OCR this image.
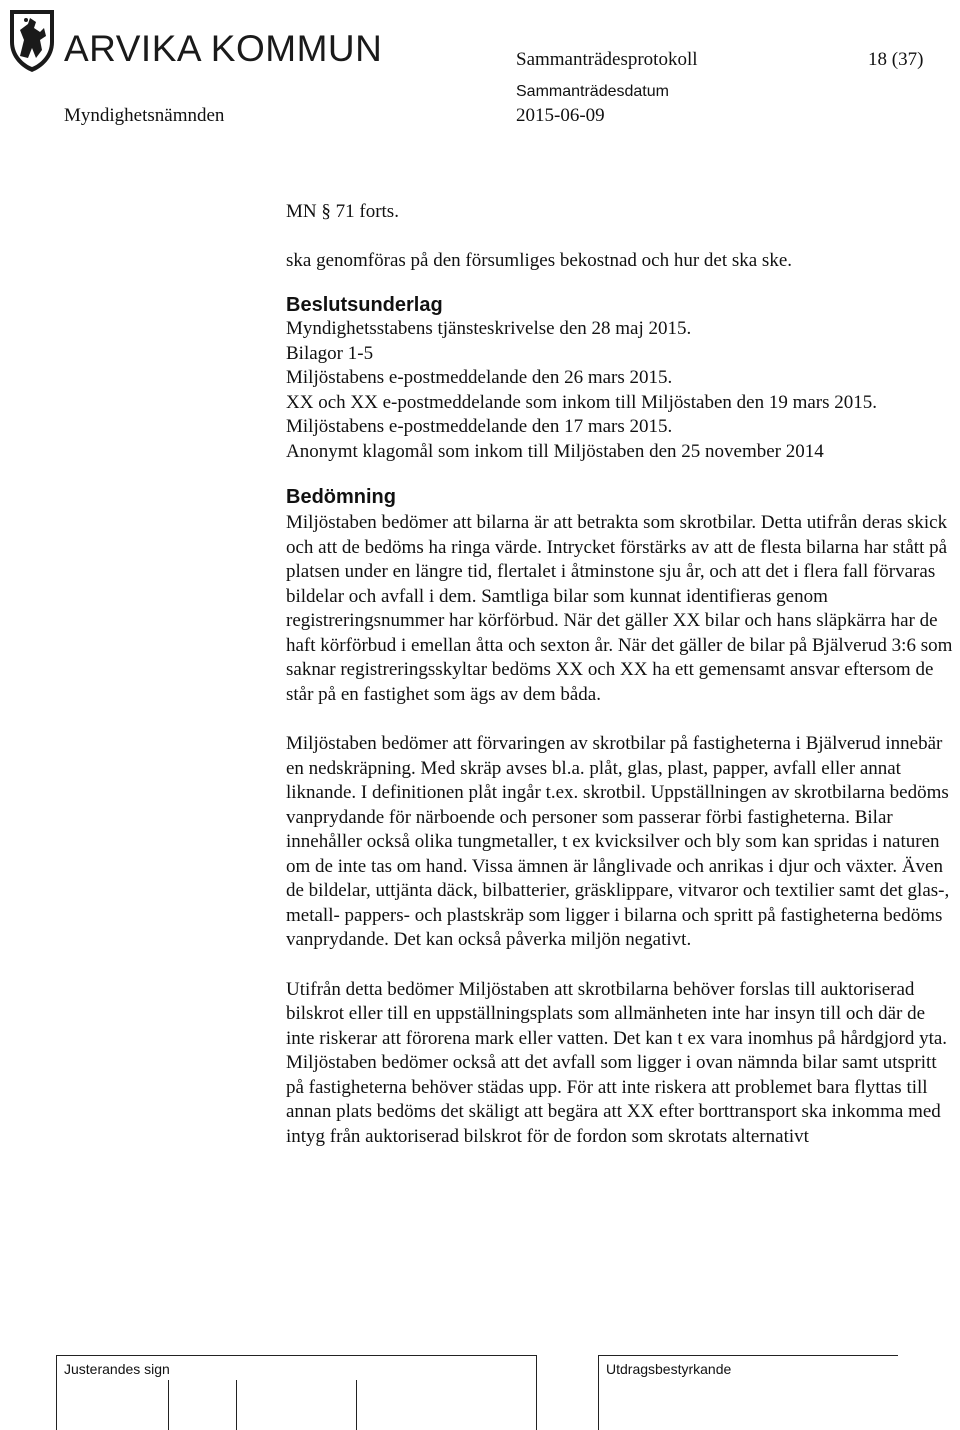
ARVIKA KOMMUN	Sammanträdesprotokoll	18 (37)
Myndighetsnämnden
Sammanträdesdatum
2015-06-09

MN § 71 forts.

ska genomföras på den försumliges bekostnad och hur det ska ske.

Beslutsunderlag

Myndighetsstabens tjänsteskrivelse den 28 maj 2015.

Bilagor 1-5

Miljöstabens e-postmeddelande den 26 mars 2015.

XX och XX e-postmeddelande som inkom till Miljöstaben den 19 mars 2015.

Miljöstabens e-postmeddelande den 17 mars 2015.

Anonymt klagomål som inkom till Miljöstaben den 25 november 2014

Bedömning

Miljöstaben bedömer att bilarna är att betrakta som skrotbilar. Detta utifrån deras skick och att de bedöms ha ringa värde. Intrycket förstärks av att de flesta bilarna har stått på platsen under en längre tid, flertalet i åtminstone sju år, och att det i flera fall förvaras bildelar och avfall i dem. Samtliga bilar som kunnat identifieras genom registreringsnummer har körförbud. När det gäller XX bilar och hans släpkärra har de haft körförbud i emellan åtta och sexton år. När det gäller de bilar på Bjälverud 3:6 som saknar registreringsskyltar bedöms XX och XX ha ett gemensamt ansvar eftersom de står på en fastighet som ägs av dem båda.

Miljöstaben bedömer att förvaringen av skrotbilar på fastigheterna i Bjälverud innebär en nedskräpning. Med skräp avses bl.a. plåt, glas, plast, papper, avfall eller annat liknande. I definitionen plåt ingår t.ex. skrotbil. Uppställningen av skrotbilarna bedöms vanprydande för närboende och personer som passerar förbi fastigheterna. Bilar innehåller också olika tungmetaller, t ex kvicksilver och bly som kan spridas i naturen om de inte tas om hand. Vissa ämnen är långlivade och anrikas i djur och växter. Även de bildelar, uttjänta däck, bilbatterier, gräsklippare, vitvaror och textilier samt det glas-, metall- pappers- och plastskräp som ligger i bilarna och spritt på fastigheterna bedöms vanprydande. Det kan också påverka miljön negativt.

Utifrån detta bedömer Miljöstaben att skrotbilarna behöver forslas till auktoriserad bilskrot eller till en uppställningsplats som allmänheten inte har insyn till och där de inte riskerar att förorena mark eller vatten. Det kan t ex vara inomhus på hårdgjord yta. Miljöstaben bedömer också att det avfall som ligger i ovan nämnda bilar samt utspritt på fastigheterna behöver städas upp. För att inte riskera att problemet bara flyttas till annan plats bedöms det skäligt att begära att XX efter borttransport ska inkomma med intyg från auktoriserad bilskrot för de fordon som skrotats alternativt

Justerandes sign	Utdragsbestyrkande
